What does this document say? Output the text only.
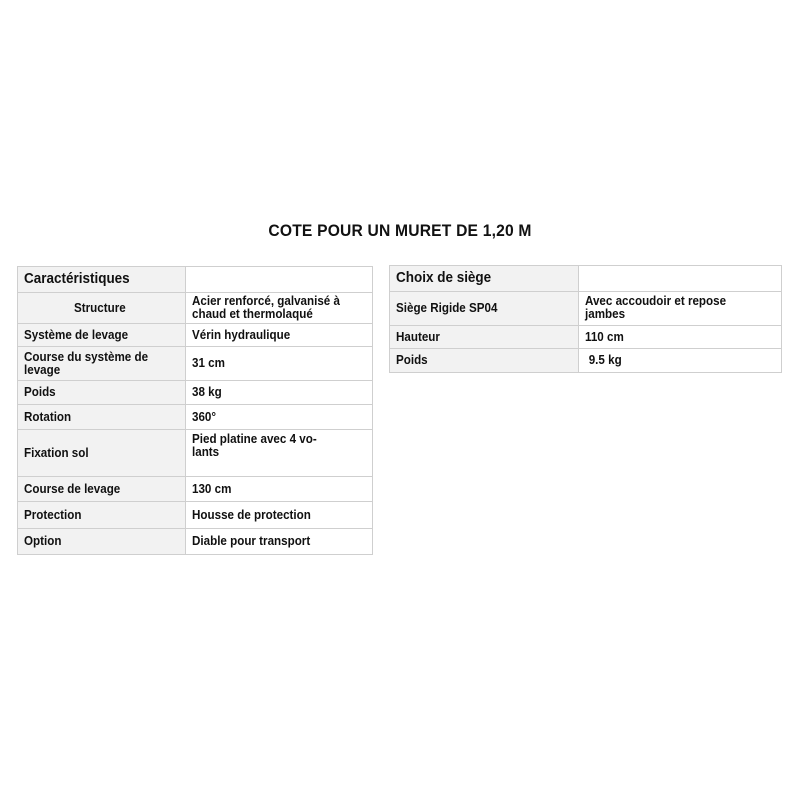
COTE POUR UN MURET DE 1,20 M
Caractéristiques	
Structure	Acier renforcé, galvanisé à chaud et thermolaqué
Système de levage	Vérin hydraulique
Course du système de levage	31 cm
Poids	38 kg
Rotation	360°
Fixation sol	Pied platine avec 4 vo-lants
Course de levage	130 cm
Protection	Housse de protection
Option	Diable pour transport
Choix de siège	
Siège Rigide SP04	Avec accoudoir et repose jambes
Hauteur	110 cm
Poids	9.5 kg
